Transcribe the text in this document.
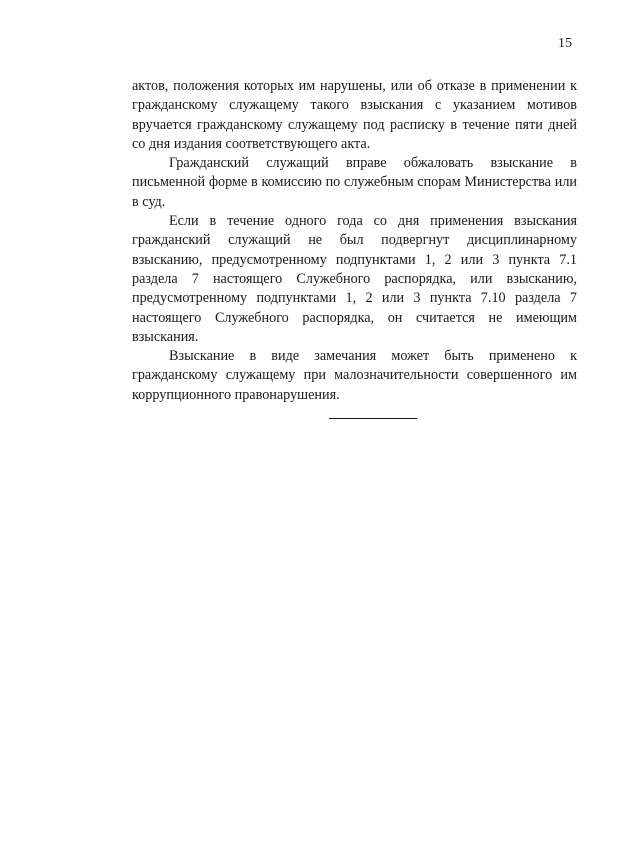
15

актов, положения которых им нарушены, или об отказе в применении к гражданскому служащему такого взыскания с указанием мотивов вручается гражданскому служащему под расписку в течение пяти дней со дня издания соответствующего акта.

Гражданский служащий вправе обжаловать взыскание в письменной форме в комиссию по служебным спорам Министерства или в суд.

Если в течение одного года со дня применения взыскания гражданский служащий не был подвергнут дисциплинарному взысканию, предусмотренному подпунктами 1, 2 или 3 пункта 7.1 раздела 7 настоящего Служебного распорядка, или взысканию, предусмотренному подпунктами 1, 2 или 3 пункта 7.10 раздела 7 настоящего Служебного распорядка, он считается не имеющим взыскания.

Взыскание в виде замечания может быть применено к гражданскому служащему при малозначительности совершенного им коррупционного правонарушения.
